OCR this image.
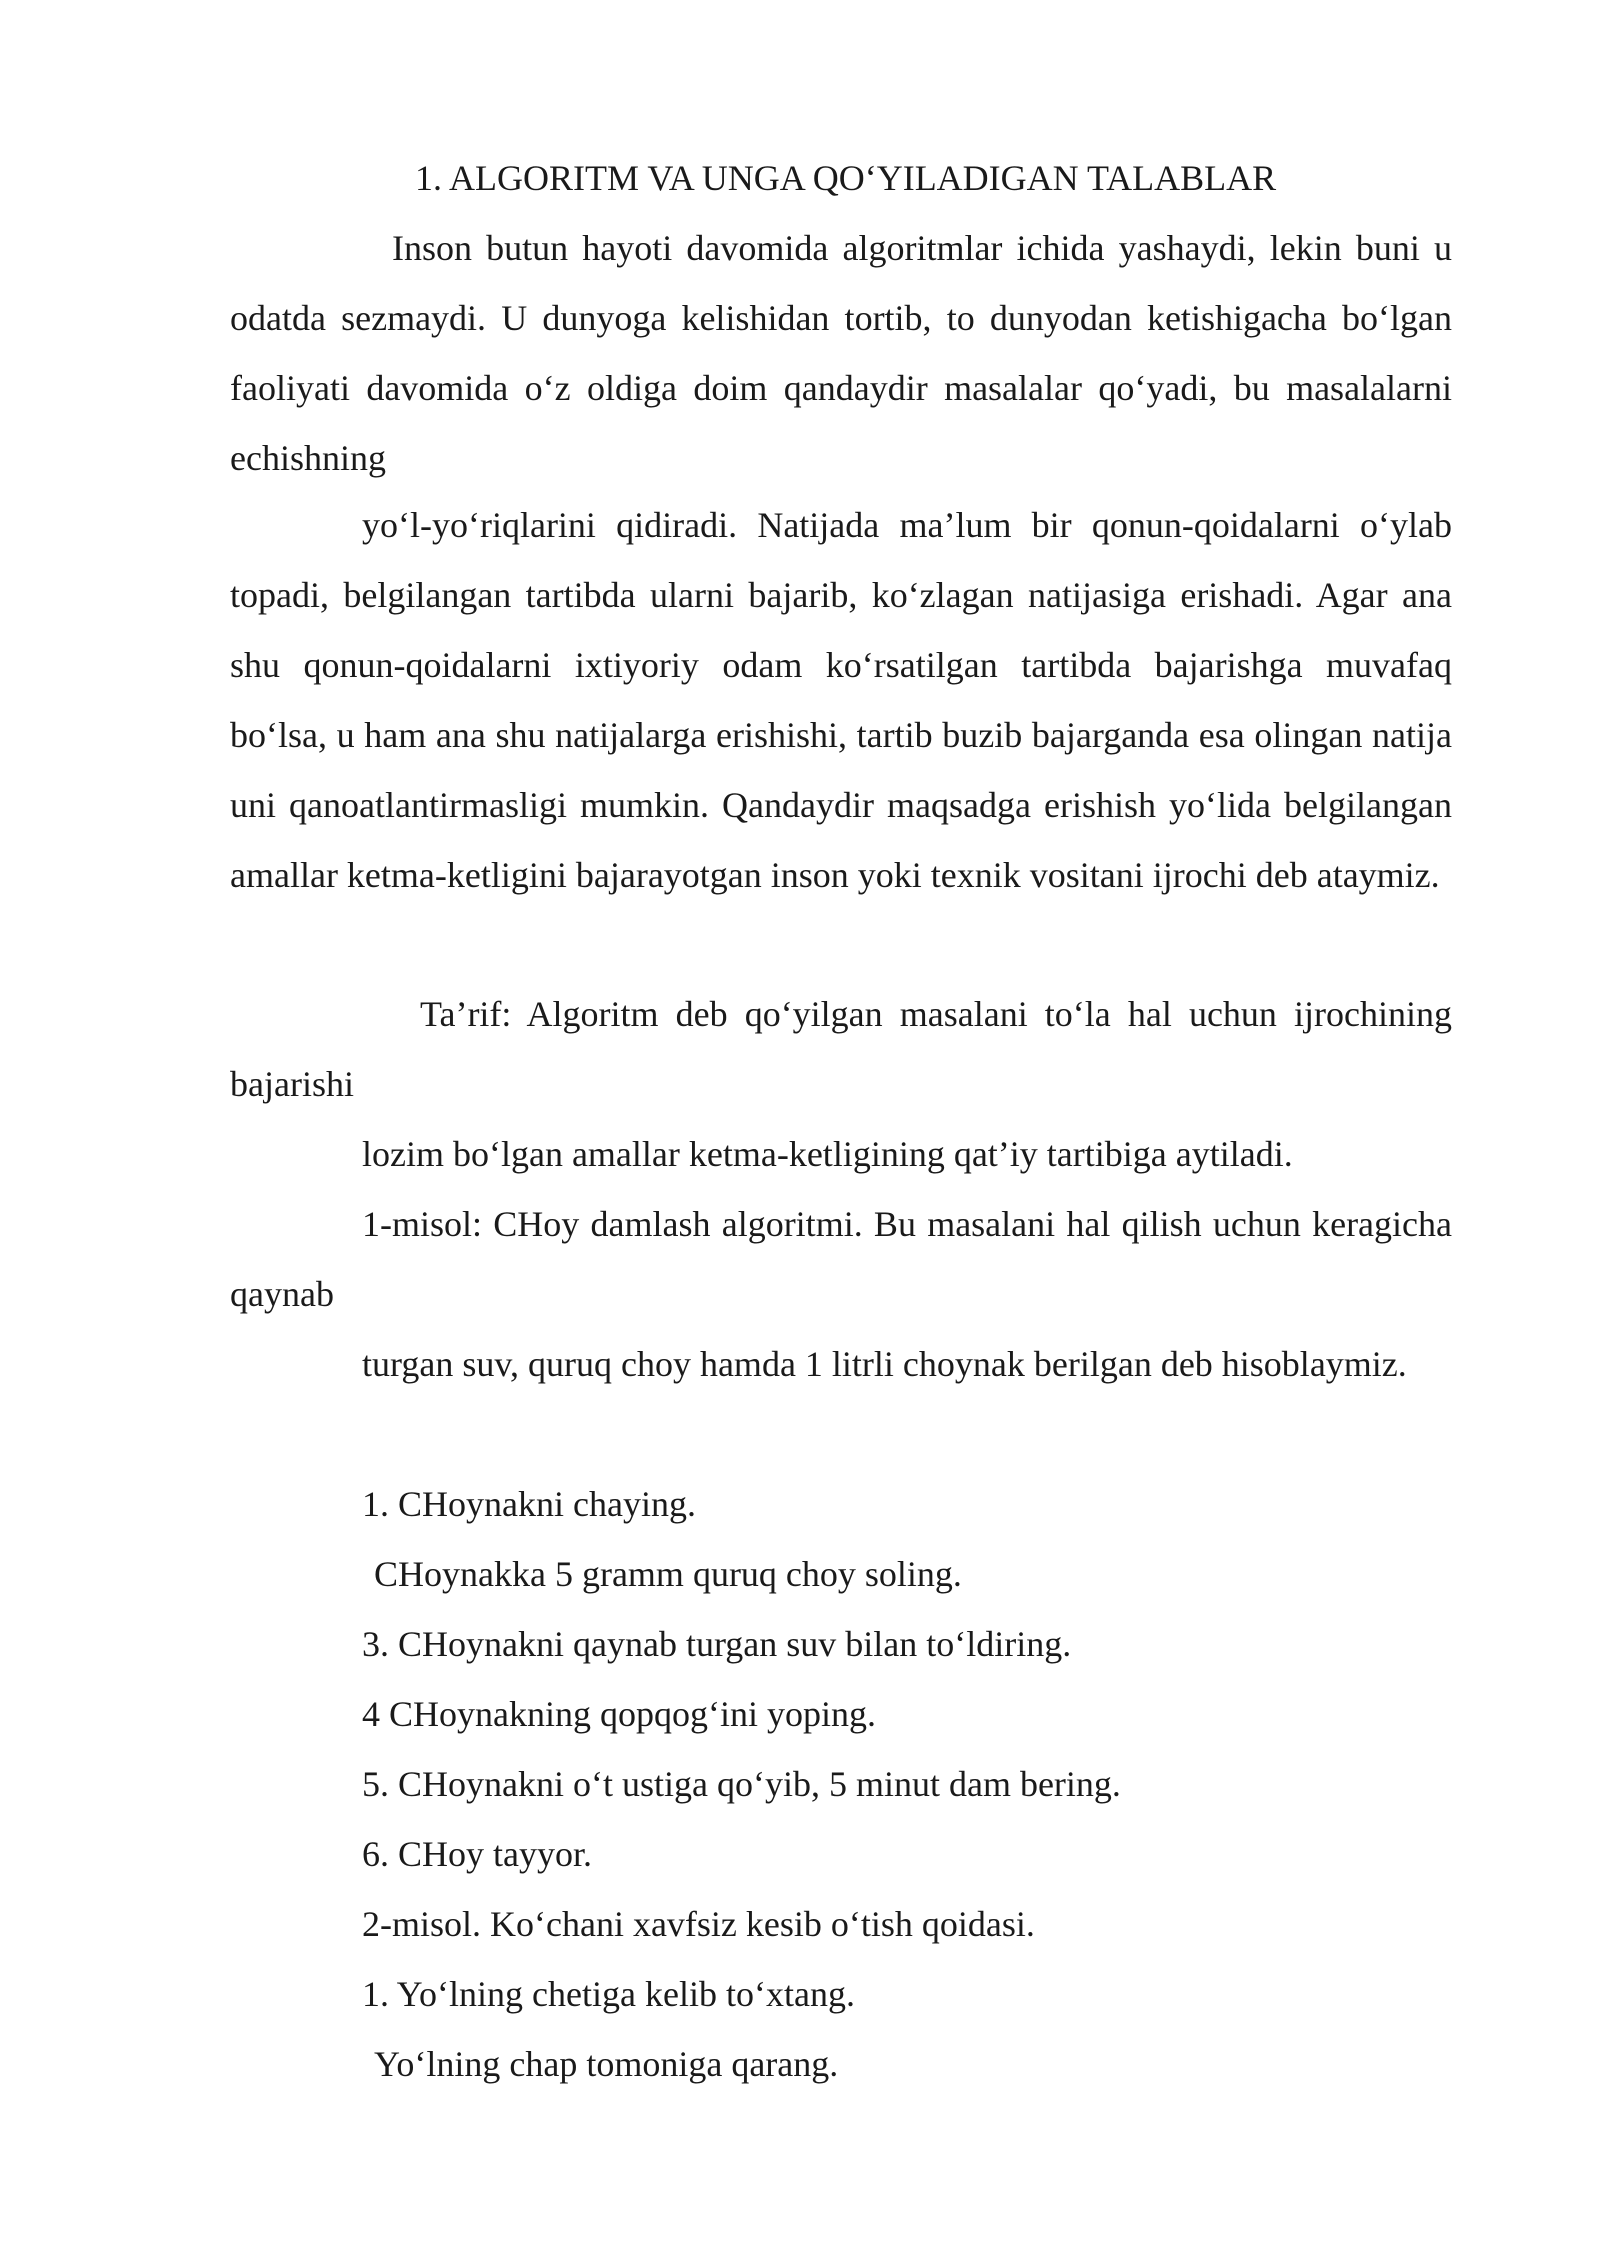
1. ALGORITM VA UNGA QO‘YILADIGAN TALABLAR

Inson butun hayoti davomida algoritmlar ichida yashaydi, lekin buni u odatda sezmaydi. U dunyoga kelishidan tortib, to dunyodan ketishigacha bo‘lgan faoliyati davomida o‘z oldiga doim qandaydir masalalar qo‘yadi, bu masalalarni echishning

yo‘l-yo‘riqlarini qidiradi. Natijada ma’lum bir qonun-qoidalarni o‘ylab topadi, belgilangan tartibda ularni bajarib, ko‘zlagan natijasiga erishadi. Agar ana shu qonun-qoidalarni ixtiyoriy odam ko‘rsatilgan tartibda bajarishga muvafaq bo‘lsa, u ham ana shu natijalarga erishishi, tartib buzib bajarganda esa olingan natija uni qanoatlantirmasligi mumkin. Qandaydir maqsadga erishish yo‘lida belgilangan amallar ketma-ketligini bajarayotgan inson yoki texnik vositani ijrochi deb ataymiz.

Ta’rif: Algoritm deb qo‘yilgan masalani to‘la hal uchun ijrochining bajarishi

lozim bo‘lgan amallar ketma-ketligining qat’iy tartibiga aytiladi.

1-misol: CHoy damlash algoritmi. Bu masalani hal qilish uchun keragicha qaynab

turgan suv, quruq choy hamda 1 litrli choynak berilgan deb hisoblaymiz.

1. CHoynakni chaying.

CHoynakka 5 gramm quruq choy soling.

3. CHoynakni qaynab turgan suv bilan to‘ldiring.

4 CHoynakning qopqog‘ini yoping.

5. CHoynakni o‘t ustiga qo‘yib, 5 minut dam bering.

6. CHoy tayyor.

2-misol. Ko‘chani xavfsiz kesib o‘tish qoidasi.

1. Yo‘lning chetiga kelib to‘xtang.

Yo‘lning chap tomoniga qarang.
